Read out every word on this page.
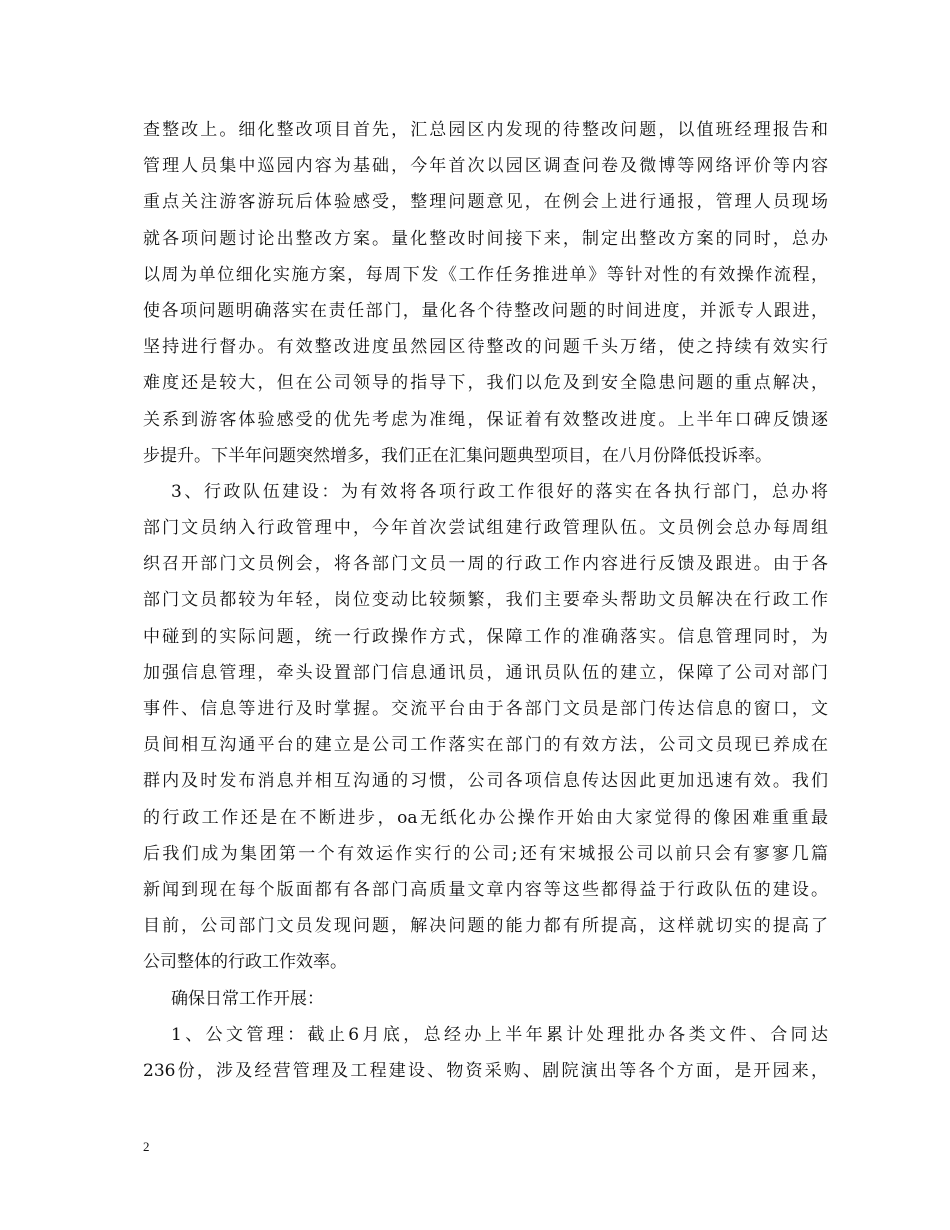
查整改上。细化整改项目首先，汇总园区内发现的待整改问题，以值班经理报告和
管理人员集中巡园内容为基础，今年首次以园区调查问卷及微博等网络评价等内容
重点关注游客游玩后体验感受，整理问题意见，在例会上进行通报，管理人员现场
就各项问题讨论出整改方案。量化整改时间接下来，制定出整改方案的同时，总办
以周为单位细化实施方案，每周下发《工作任务推进单》等针对性的有效操作流程，
使各项问题明确落实在责任部门，量化各个待整改问题的时间进度，并派专人跟进，
坚持进行督办。有效整改进度虽然园区待整改的问题千头万绪，使之持续有效实行
难度还是较大，但在公司领导的指导下，我们以危及到安全隐患问题的重点解决，
关系到游客体验感受的优先考虑为准绳，保证着有效整改进度。上半年口碑反馈逐
步提升。下半年问题突然增多，我们正在汇集问题典型项目，在八月份降低投诉率。
3、行政队伍建设：为有效将各项行政工作很好的落实在各执行部门，总办将
部门文员纳入行政管理中，今年首次尝试组建行政管理队伍。文员例会总办每周组
织召开部门文员例会，将各部门文员一周的行政工作内容进行反馈及跟进。由于各
部门文员都较为年轻，岗位变动比较频繁，我们主要牵头帮助文员解决在行政工作
中碰到的实际问题，统一行政操作方式，保障工作的准确落实。信息管理同时，为
加强信息管理，牵头设置部门信息通讯员，通讯员队伍的建立，保障了公司对部门
事件、信息等进行及时掌握。交流平台由于各部门文员是部门传达信息的窗口，文
员间相互沟通平台的建立是公司工作落实在部门的有效方法，公司文员现已养成在
群内及时发布消息并相互沟通的习惯，公司各项信息传达因此更加迅速有效。我们
的行政工作还是在不断进步，oa无纸化办公操作开始由大家觉得的像困难重重最
后我们成为集团第一个有效运作实行的公司;还有宋城报公司以前只会有寥寥几篇
新闻到现在每个版面都有各部门高质量文章内容等这些都得益于行政队伍的建设。
目前，公司部门文员发现问题，解决问题的能力都有所提高，这样就切实的提高了
公司整体的行政工作效率。
确保日常工作开展：
1、公文管理：截止6月底，总经办上半年累计处理批办各类文件、合同达
236份，涉及经营管理及工程建设、物资采购、剧院演出等各个方面，是开园来，
2
